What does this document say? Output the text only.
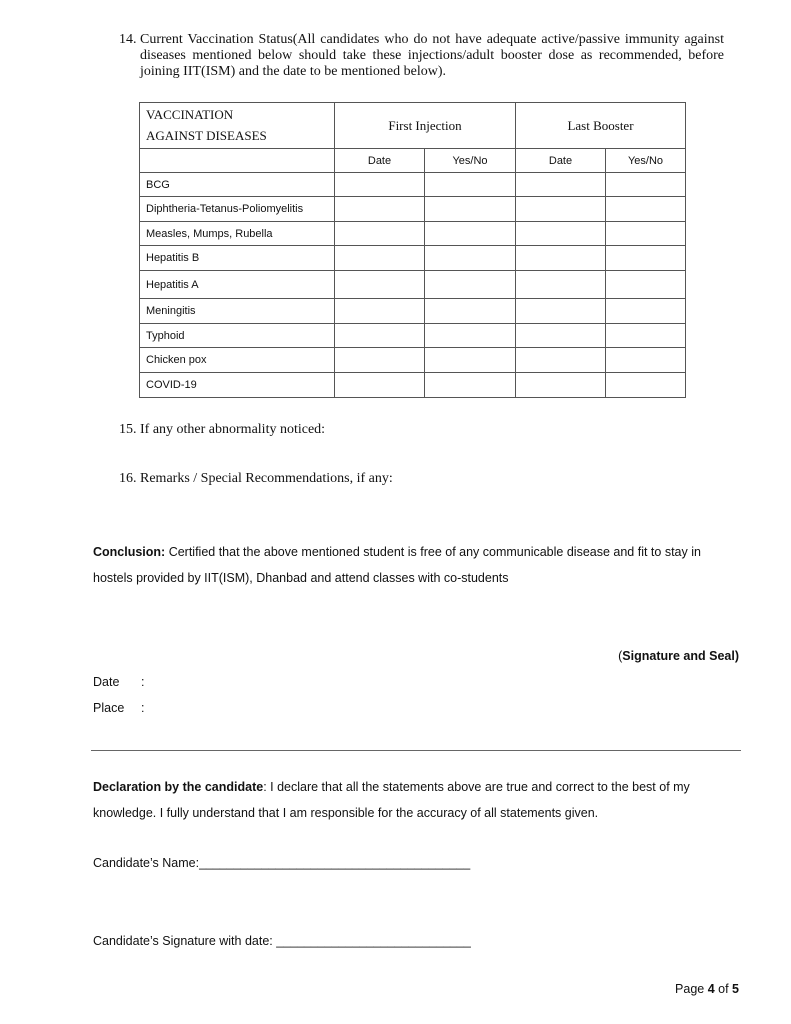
14. Current Vaccination Status(All candidates who do not have adequate active/passive immunity against diseases mentioned below should take these injections/adult booster dose as recommended, before joining IIT(ISM) and the date to be mentioned below).
VACCINATION
AGAINST DISEASES	First Injection		Last Booster	
	Date	Yes/No	Date	Yes/No
BCG				
Diphtheria-Tetanus-Poliomyelitis				
Measles, Mumps, Rubella				
Hepatitis B				
Hepatitis A				
Meningitis				
Typhoid				
Chicken pox				
COVID-19				
15. If any other abnormality noticed:
16. Remarks / Special Recommendations, if any:
Conclusion: Certified that the above mentioned student is free of any communicable disease and fit to stay in
hostels provided by IIT(ISM), Dhanbad and attend classes with co-students
(Signature and Seal)
Date :
Place :
Declaration by the candidate: I declare that all the statements above are true and correct to the best of my
knowledge. I fully understand that I am responsible for the accuracy of all statements given.
Candidate’s Name:_______________________________________
Candidate’s Signature with date: ____________________________
Page 4 of 5
